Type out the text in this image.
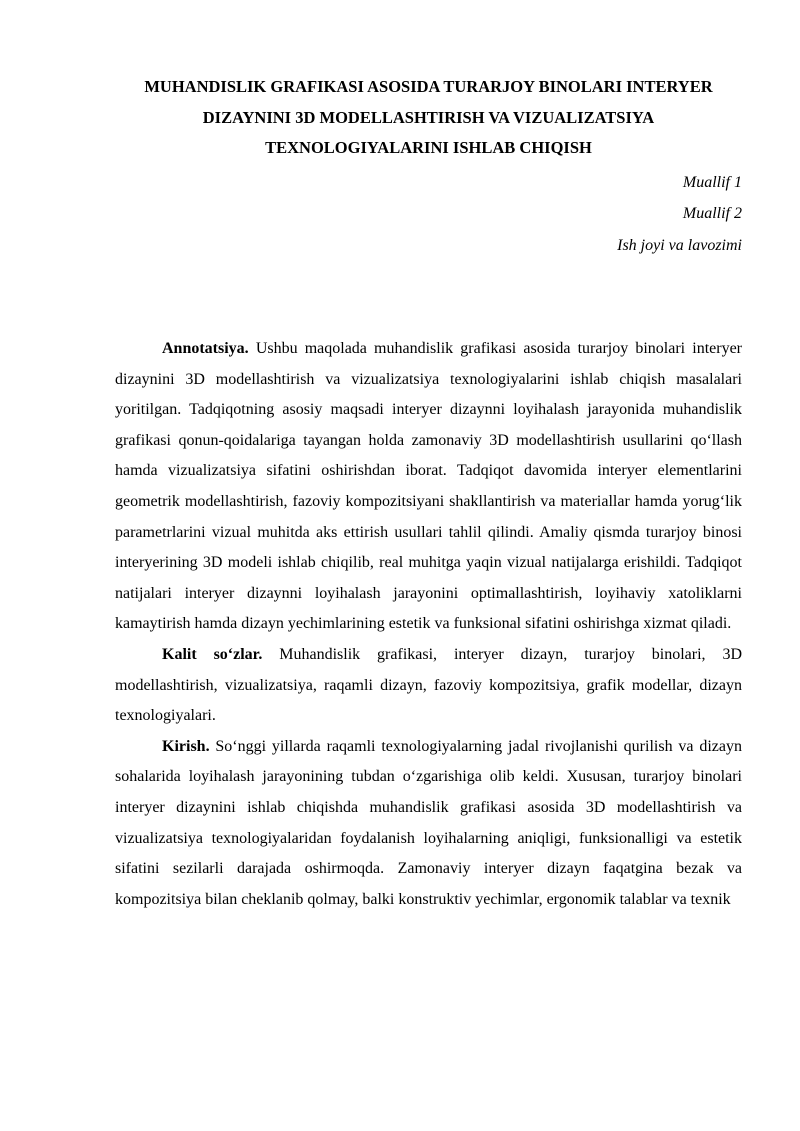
MUHANDISLIK GRAFIKASI ASOSIDA TURARJOY BINOLARI INTERYER DIZAYNINI 3D MODELLASHTIRISH VA VIZUALIZATSIYA TEXNOLOGIYALARINI ISHLAB CHIQISH
Muallif 1
Muallif 2
Ish joyi va lavozimi

Annotatsiya. Ushbu maqolada muhandislik grafikasi asosida turarjoy binolari interyer dizaynini 3D modellashtirish va vizualizatsiya texnologiyalarini ishlab chiqish masalalari yoritilgan. Tadqiqotning asosiy maqsadi interyer dizaynni loyihalash jarayonida muhandislik grafikasi qonun-qoidalariga tayangan holda zamonaviy 3D modellashtirish usullarini qo‘llash hamda vizualizatsiya sifatini oshirishdan iborat. Tadqiqot davomida interyer elementlarini geometrik modellashtirish, fazoviy kompozitsiyani shakllantirish va materiallar hamda yorug‘lik parametrlarini vizual muhitda aks ettirish usullari tahlil qilindi. Amaliy qismda turarjoy binosi interyerining 3D modeli ishlab chiqilib, real muhitga yaqin vizual natijalarga erishildi. Tadqiqot natijalari interyer dizaynni loyihalash jarayonini optimallashtirish, loyihaviy xatoliklarni kamaytirish hamda dizayn yechimlarining estetik va funksional sifatini oshirishga xizmat qiladi.

Kalit so‘zlar. Muhandislik grafikasi, interyer dizayn, turarjoy binolari, 3D modellashtirish, vizualizatsiya, raqamli dizayn, fazoviy kompozitsiya, grafik modellar, dizayn texnologiyalari.

Kirish. So‘nggi yillarda raqamli texnologiyalarning jadal rivojlanishi qurilish va dizayn sohalarida loyihalash jarayonining tubdan o‘zgarishiga olib keldi. Xususan, turarjoy binolari interyer dizaynini ishlab chiqishda muhandislik grafikasi asosida 3D modellashtirish va vizualizatsiya texnologiyalaridan foydalanish loyihalarning aniqligi, funksionalligi va estetik sifatini sezilarli darajada oshirmoqda. Zamonaviy interyer dizayn faqatgina bezak va kompozitsiya bilan cheklanib qolmay, balki konstruktiv yechimlar, ergonomik talablar va texnik
